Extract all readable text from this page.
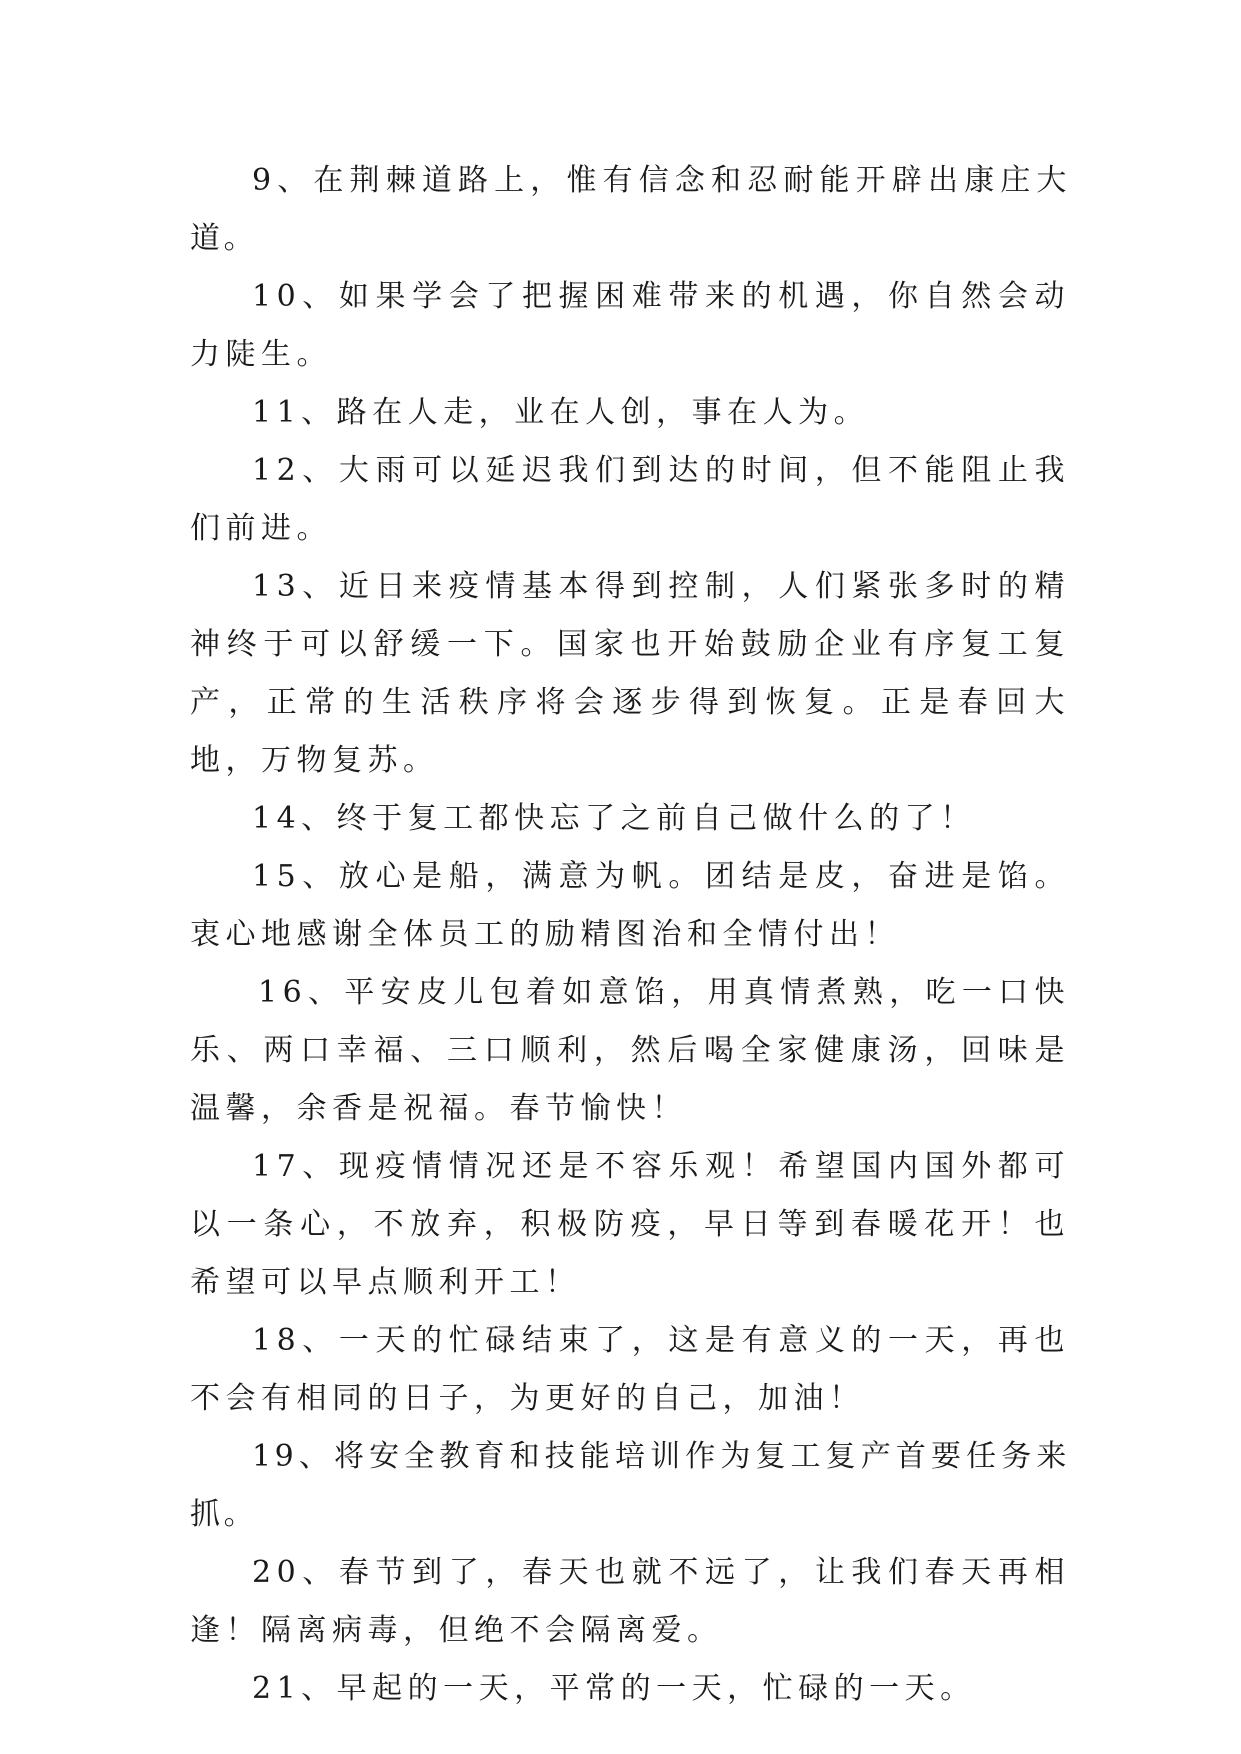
9、在荆棘道路上，惟有信念和忍耐能开辟出康庄大道。

10、如果学会了把握困难带来的机遇，你自然会动力陡生。

11、路在人走，业在人创，事在人为。

12、大雨可以延迟我们到达的时间，但不能阻止我们前进。

13、近日来疫情基本得到控制，人们紧张多时的精神终于可以舒缓一下。国家也开始鼓励企业有序复工复产，正常的生活秩序将会逐步得到恢复。正是春回大地，万物复苏。

14、终于复工都快忘了之前自己做什么的了！

15、放心是船，满意为帆。团结是皮，奋进是馅。衷心地感谢全体员工的励精图治和全情付出！

16、平安皮儿包着如意馅，用真情煮熟，吃一口快乐、两口幸福、三口顺利，然后喝全家健康汤，回味是温馨，余香是祝福。春节愉快！

17、现疫情情况还是不容乐观！希望国内国外都可以一条心，不放弃，积极防疫，早日等到春暖花开！也希望可以早点顺利开工！

18、一天的忙碌结束了，这是有意义的一天，再也不会有相同的日子，为更好的自己，加油！

19、将安全教育和技能培训作为复工复产首要任务来抓。

20、春节到了，春天也就不远了，让我们春天再相逢！隔离病毒，但绝不会隔离爱。

21、早起的一天，平常的一天，忙碌的一天。
